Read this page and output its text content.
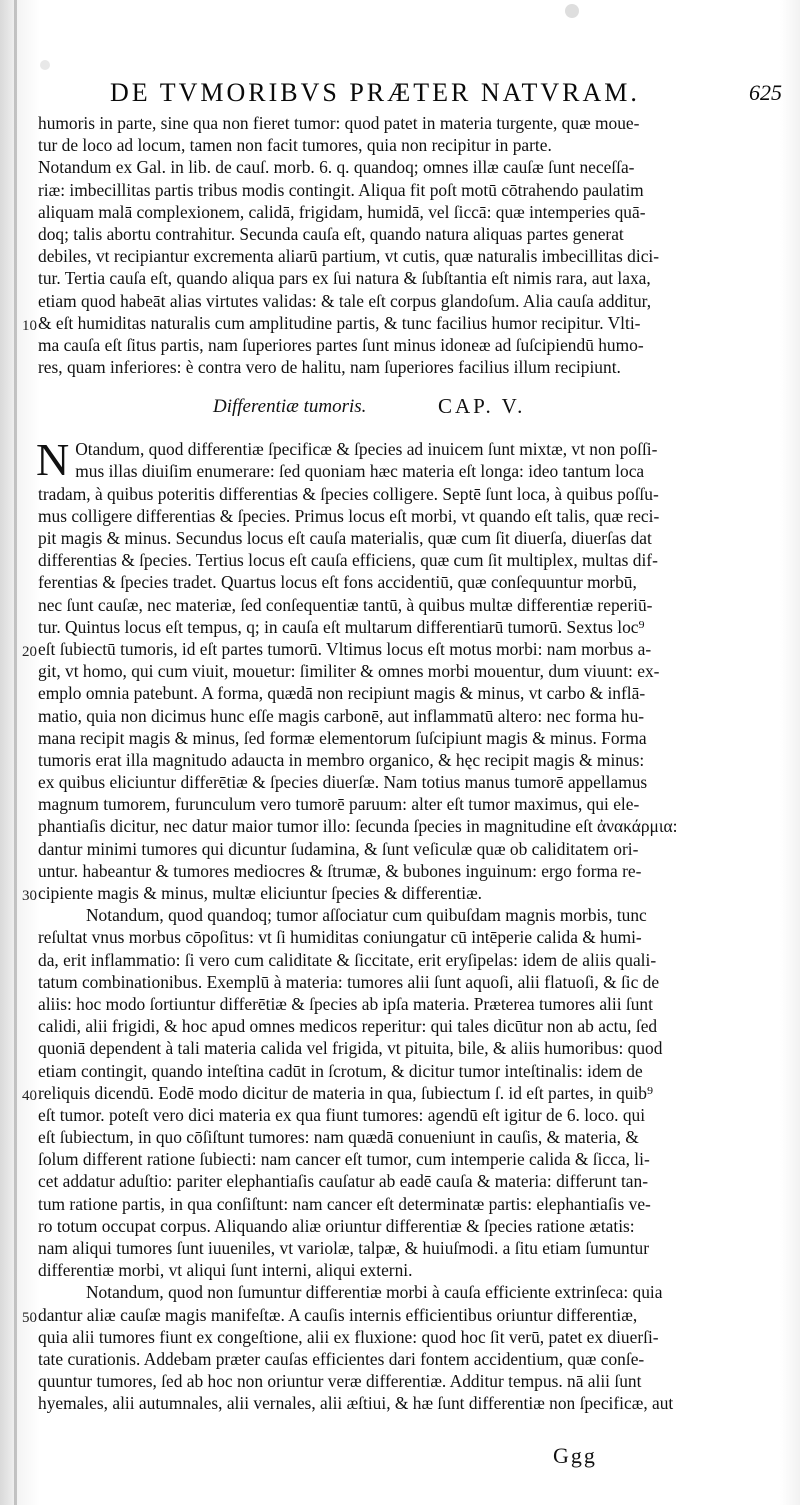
DE TVMORIBVS PRÆTER NATVRAM.	625
humoris in parte, sine qua non fieret tumor: quod patet in materia turgente, quæ moue-
tur de loco ad locum, tamen non facit tumores, quia non recipitur in parte.
Notandum ex Gal. in lib. de cauſ. morb. 6. q. quandoq; omnes illæ cauſæ ſunt neceſſa-
riæ: imbecillitas partis tribus modis contingit. Aliqua fit poſt motū cōtrahendo paulatim
aliquam malā complexionem, calidā, frigidam, humidā, vel ſiccā: quæ intemperies quā-
doq; talis abortu contrahitur. Secunda cauſa eſt, quando natura aliquas partes generat
debiles, vt recipiantur excrementa aliarū partium, vt cutis, quæ naturalis imbecillitas dici-
tur. Tertia cauſa eſt, quando aliqua pars ex ſui natura & ſubſtantia eſt nimis rara, aut laxa,
etiam quod habeāt alias virtutes validas: & tale eſt corpus glandoſum. Alia cauſa additur,
& eſt humiditas naturalis cum amplitudine partis, & tunc facilius humor recipitur. Vlti-
ma cauſa eſt ſitus partis, nam ſuperiores partes ſunt minus idoneæ ad ſuſcipiendū humo-
res, quam inferiores: è contra vero de halitu, nam ſuperiores facilius illum recipiunt.
Differentiæ tumoris.	CAP. V.
N Otandum, quod differentiæ ſpecificæ & ſpecies ad inuicem ſunt mixtæ, vt non poſſi-
mus illas diuiſim enumerare: ſed quoniam hæc materia eſt longa: ideo tantum loca
tradam, à quibus poteritis differentias & ſpecies colligere. Septē ſunt loca, à quibus poſſu-
mus colligere differentias & ſpecies. Primus locus eſt morbi, vt quando eſt talis, quæ reci-
pit magis & minus. Secundus locus eſt cauſa materialis, quæ cum ſit diuerſa, diuerſas dat
differentias & ſpecies. Tertius locus eſt cauſa efficiens, quæ cum ſit multiplex, multas dif-
ferentias & ſpecies tradet. Quartus locus eſt fons accidentiū, quæ conſequuntur morbū,
nec ſunt cauſæ, nec materiæ, ſed conſequentiæ tantū, à quibus multæ differentiæ reperiū-
tur. Quintus locus eſt tempus, q; in cauſa eſt multarum differentiarū tumorū. Sextus loc⁹
eſt ſubiectū tumoris, id eſt partes tumorū. Vltimus locus eſt motus morbi: nam morbus a-
git, vt homo, qui cum viuit, mouetur: ſimiliter & omnes morbi mouentur, dum viuunt: ex-
emplo omnia patebunt. A forma, quædā non recipiunt magis & minus, vt carbo & inflā-
matio, quia non dicimus hunc eſſe magis carbonē, aut inflammatū altero: nec forma hu-
mana recipit magis & minus, ſed formæ elementorum ſuſcipiunt magis & minus. Forma
tumoris erat illa magnitudo adaucta in membro organico, & hęc recipit magis & minus:
ex quibus eliciuntur differētiæ & ſpecies diuerſæ. Nam totius manus tumorē appellamus
magnum tumorem, furunculum vero tumorē paruum: alter eſt tumor maximus, qui ele-
phantiaſis dicitur, nec datur maior tumor illo: ſecunda ſpecies in magnitudine eſt ἀνακάρμια:
dantur minimi tumores qui dicuntur ſudamina, & ſunt veſiculæ quæ ob caliditatem ori-
untur. habeantur & tumores mediocres & ſtrumæ, & bubones inguinum: ergo forma re-
cipiente magis & minus, multæ eliciuntur ſpecies & differentiæ.
Notandum, quod quandoq; tumor aſſociatur cum quibuſdam magnis morbis, tunc
reſultat vnus morbus cōpoſitus: vt ſi humiditas coniungatur cū intēperie calida & humi-
da, erit inflammatio: ſi vero cum caliditate & ſiccitate, erit eryſipelas: idem de aliis quali-
tatum combinationibus. Exemplū à materia: tumores alii ſunt aquoſi, alii flatuoſi, & ſic de
aliis: hoc modo ſortiuntur differētiæ & ſpecies ab ipſa materia. Præterea tumores alii ſunt
calidi, alii frigidi, & hoc apud omnes medicos reperitur: qui tales dicūtur non ab actu, ſed
quoniā dependent à tali materia calida vel frigida, vt pituita, bile, & aliis humoribus: quod
etiam contingit, quando inteſtina cadūt in ſcrotum, & dicitur tumor inteſtinalis: idem de
reliquis dicendū. Eodē modo dicitur de materia in qua, ſubiectum ſ. id eſt partes, in quib⁹
eſt tumor. poteſt vero dici materia ex qua fiunt tumores: agendū eſt igitur de 6. loco. qui
eſt ſubiectum, in quo cōſiſtunt tumores: nam quædā conueniunt in cauſis, & materia, &
ſolum different ratione ſubiecti: nam cancer eſt tumor, cum intemperie calida & ſicca, li-
cet addatur aduſtio: pariter elephantiaſis cauſatur ab eadē cauſa & materia: differunt tan-
tum ratione partis, in qua conſiſtunt: nam cancer eſt determinatæ partis: elephantiaſis ve-
ro totum occupat corpus. Aliquando aliæ oriuntur differentiæ & ſpecies ratione ætatis:
nam aliqui tumores ſunt iuueniles, vt variolæ, talpæ, & huiuſmodi. a ſitu etiam ſumuntur
differentiæ morbi, vt aliqui ſunt interni, aliqui externi.
Notandum, quod non ſumuntur differentiæ morbi à cauſa efficiente extrinſeca: quia
dantur aliæ cauſæ magis manifeſtæ. A cauſis internis efficientibus oriuntur differentiæ,
quia alii tumores fiunt ex congeſtione, alii ex fluxione: quod hoc ſit verū, patet ex diuerſi-
tate curationis. Addebam præter cauſas efficientes dari fontem accidentium, quæ conſe-
quuntur tumores, ſed ab hoc non oriuntur veræ differentiæ. Additur tempus. nā alii ſunt
hyemales, alii autumnales, alii vernales, alii æſtiui, & hæ ſunt differentiæ non ſpecificæ, aut
10
20
30
40
50
Ggg
